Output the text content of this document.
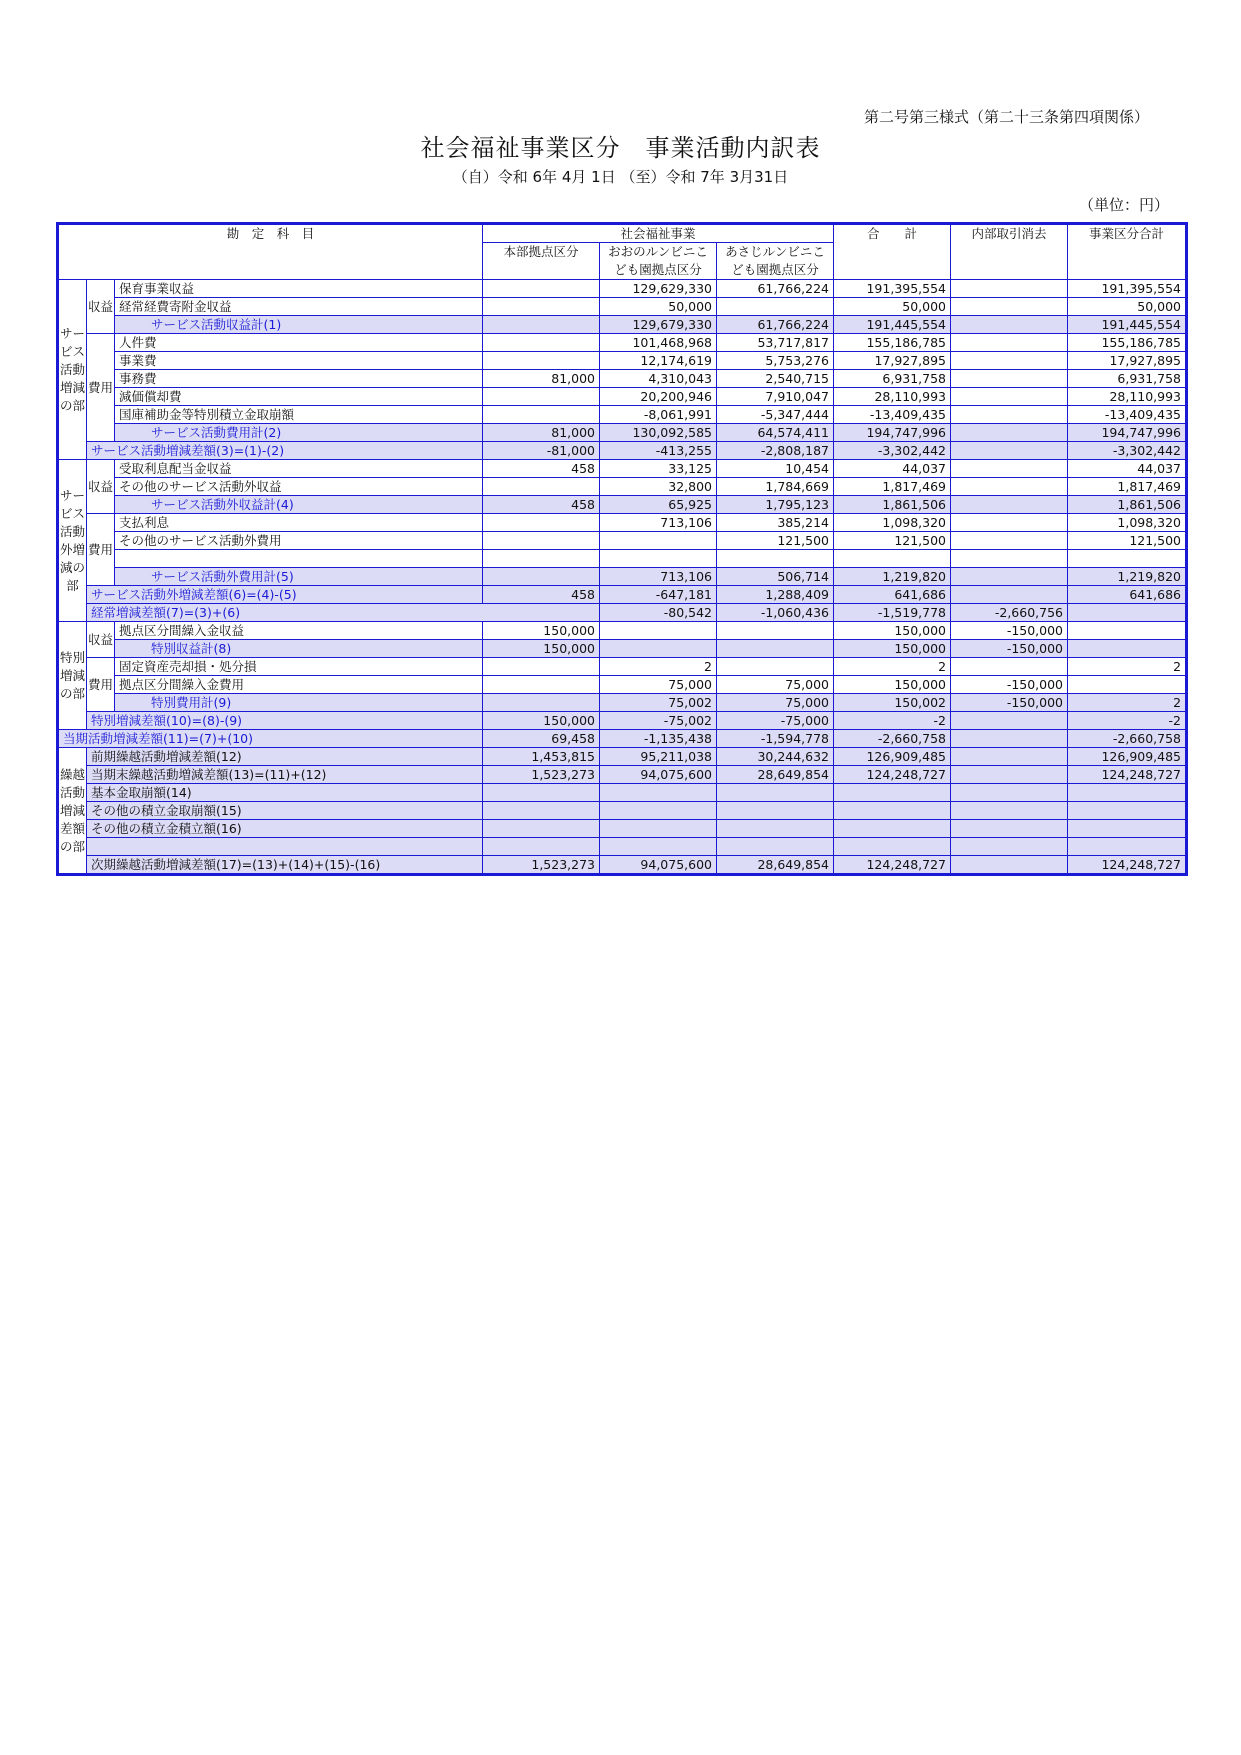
第二号第三様式（第二十三条第四項関係）
社会福祉事業区分　事業活動内訳表
（自）令和 6年 4月 1日 （至）令和 7年 3月31日
（単位：円）
勘　定　科　目			社会福祉事業			合　　計	内部取引消去	事業区分合計	
			本部拠点区分	おおのルンビニこども園拠点区分	あさじルンビニこども園拠点区分				
サービス活動増減の部	収益	保育事業収益		129,629,330	61,766,224	191,395,554		191,395,554	
		経常経費寄附金収益		50,000		50,000		50,000	
		サービス活動収益計(1)		129,679,330	61,766,224	191,445,554		191,445,554	
	費用	人件費		101,468,968	53,717,817	155,186,785		155,186,785	
		事業費		12,174,619	5,753,276	17,927,895		17,927,895	
		事務費	81,000	4,310,043	2,540,715	6,931,758		6,931,758	
		減価償却費		20,200,946	7,910,047	28,110,993		28,110,993	
		国庫補助金等特別積立金取崩額		-8,061,991	-5,347,444	-13,409,435		-13,409,435	
		サービス活動費用計(2)	81,000	130,092,585	64,574,411	194,747,996		194,747,996	
	サービス活動増減差額(3)=(1)-(2)		-81,000	-413,255	-2,808,187	-3,302,442		-3,302,442	
サービス活動外増減の部	収益	受取利息配当金収益	458	33,125	10,454	44,037		44,037	
		その他のサービス活動外収益		32,800	1,784,669	1,817,469		1,817,469	
		サービス活動外収益計(4)	458	65,925	1,795,123	1,861,506		1,861,506	
	費用	支払利息		713,106	385,214	1,098,320		1,098,320	
		その他のサービス活動外費用			121,500	121,500		121,500	

		サービス活動外費用計(5)		713,106	506,714	1,219,820		1,219,820	
	サービス活動外増減差額(6)=(4)-(5)		458	-647,181	1,288,409	641,686		641,686	
	経常増減差額(7)=(3)+(6)			-80,542	-1,060,436	-1,519,778	-2,660,756		
特別増減の部	収益	拠点区分間繰入金収益	150,000			150,000	-150,000		
		特別収益計(8)	150,000			150,000	-150,000		
	費用	固定資産売却損・処分損		2		2		2	
		拠点区分間繰入金費用		75,000	75,000	150,000	-150,000		
		特別費用計(9)		75,002	75,000	150,002	-150,000	2	
	特別増減差額(10)=(8)-(9)		150,000	-75,002	-75,000	-2		-2	
当期活動増減差額(11)=(7)+(10)			69,458	-1,135,438	-1,594,778	-2,660,758		-2,660,758	
繰越活動増減差額の部	前期繰越活動増減差額(12)		1,453,815	95,211,038	30,244,632	126,909,485		126,909,485	
	当期末繰越活動増減差額(13)=(11)+(12)		1,523,273	94,075,600	28,649,854	124,248,727		124,248,727	
	基本金取崩額(14)								
	その他の積立金取崩額(15)								
	その他の積立金積立額(16)								

	次期繰越活動増減差額(17)=(13)+(14)+(15)-(16)		1,523,273	94,075,600	28,649,854	124,248,727		124,248,727	
